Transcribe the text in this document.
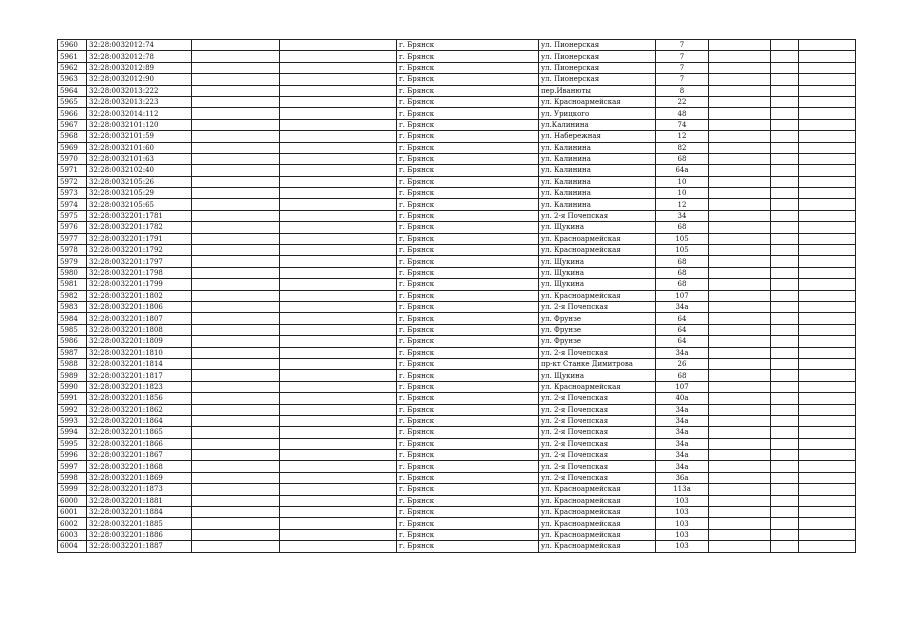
5960	32:28:0032012:74			г. Брянск	ул. Пионерская	7			
5961	32:28:0032012:78			г. Брянск	ул. Пионерская	7			
5962	32:28:0032012:89			г. Брянск	ул. Пионерская	7			
5963	32:28:0032012:90			г. Брянск	ул. Пионерская	7			
5964	32:28:0032013:222			г. Брянск	пер.Иванюты	8			
5965	32:28:0032013:223			г. Брянск	ул. Красноармейская	22			
5966	32:28:0032014:112			г. Брянск	ул. Урицкого	48			
5967	32:28:0032101:120			г. Брянск	ул.Калинина	74			
5968	32:28:0032101:59			г. Брянск	ул. Набережная	12			
5969	32:28:0032101:60			г. Брянск	ул. Калинина	82			
5970	32:28:0032101:63			г. Брянск	ул. Калинина	68			
5971	32:28:0032102:40			г. Брянск	ул. Калинина	64а			
5972	32:28:0032105:26			г. Брянск	ул. Калинина	10			
5973	32:28:0032105:29			г. Брянск	ул. Калинина	10			
5974	32:28:0032105:65			г. Брянск	ул. Калинина	12			
5975	32:28:0032201:1781			г. Брянск	ул. 2-я Почепская	34			
5976	32:28:0032201:1782			г. Брянск	ул. Щукина	68			
5977	32:28:0032201:1791			г. Брянск	ул. Красноармейская	105			
5978	32:28:0032201:1792			г. Брянск	ул. Красноармейская	105			
5979	32:28:0032201:1797			г. Брянск	ул. Щукина	68			
5980	32:28:0032201:1798			г. Брянск	ул. Щукина	68			
5981	32:28:0032201:1799			г. Брянск	ул. Щукина	68			
5982	32:28:0032201:1802			г. Брянск	ул. Красноармейская	107			
5983	32:28:0032201:1806			г. Брянск	ул. 2-я Почепская	34а			
5984	32:28:0032201:1807			г. Брянск	ул. Фрунзе	64			
5985	32:28:0032201:1808			г. Брянск	ул. Фрунзе	64			
5986	32:28:0032201:1809			г. Брянск	ул. Фрунзе	64			
5987	32:28:0032201:1810			г. Брянск	ул. 2-я Почепская	34а			
5988	32:28:0032201:1814			г. Брянск	пр-кт Станке Димитрова	26			
5989	32:28:0032201:1817			г. Брянск	ул. Щукина	68			
5990	32:28:0032201:1823			г. Брянск	ул. Красноармейская	107			
5991	32:28:0032201:1856			г. Брянск	ул. 2-я Почепская	40а			
5992	32:28:0032201:1862			г. Брянск	ул. 2-я Почепская	34а			
5993	32:28:0032201:1864			г. Брянск	ул. 2-я Почепская	34а			
5994	32:28:0032201:1865			г. Брянск	ул. 2-я Почепская	34а			
5995	32:28:0032201:1866			г. Брянск	ул. 2-я Почепская	34а			
5996	32:28:0032201:1867			г. Брянск	ул. 2-я Почепская	34а			
5997	32:28:0032201:1868			г. Брянск	ул. 2-я Почепская	34а			
5998	32:28:0032201:1869			г. Брянск	ул. 2-я Почепская	36а			
5999	32:28:0032201:1873			г. Брянск	ул. Красноармейская	113а			
6000	32:28:0032201:1881			г. Брянск	ул. Красноармейская	103			
6001	32:28:0032201:1884			г. Брянск	ул. Красноармейская	103			
6002	32:28:0032201:1885			г. Брянск	ул. Красноармейская	103			
6003	32:28:0032201:1886			г. Брянск	ул. Красноармейская	103			
6004	32:28:0032201:1887			г. Брянск	ул. Красноармейская	103			
